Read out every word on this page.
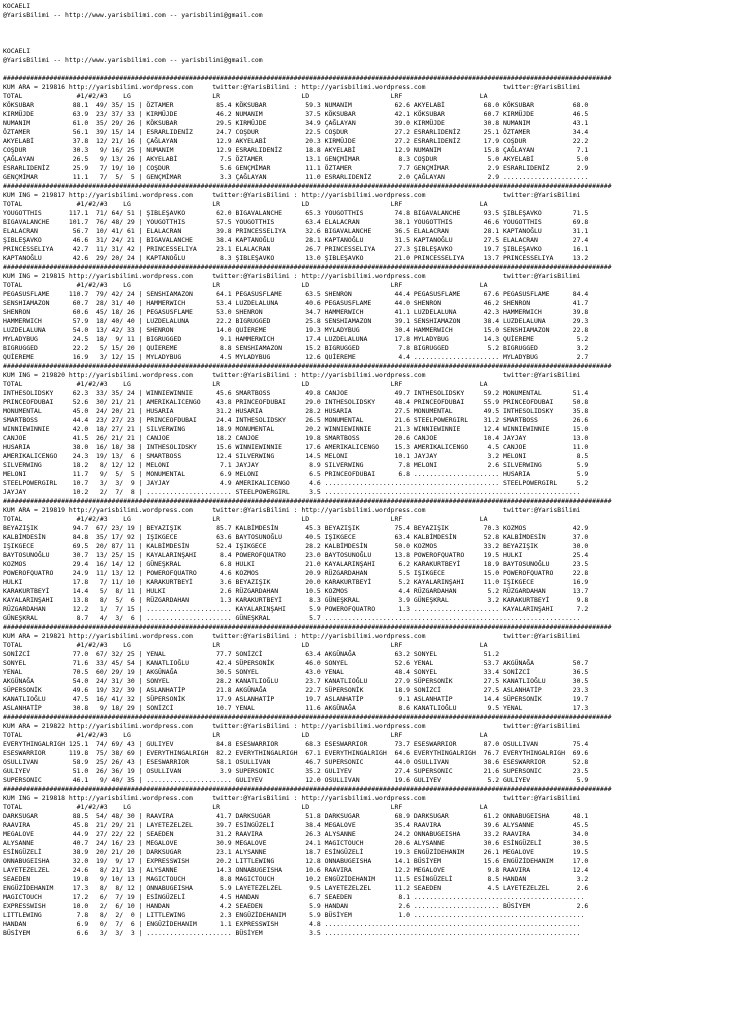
KOCAELI
@YarisBilimi -- http://www.yarisbilimi.com -- yarisbilimi@gmail.com
KOCAELI
@YarisBilimi -- http://www.yarisbilimi.com -- yarisbilimi@gmail.com
#############################################################################################################################################################
KUM ARA = 219816 http://yarisbilimi.wordpress.com     twitter:@YarisBilimi : http://yarisbilimi.wordpress.com                    twitter:@YarisBilimi
TOTAL              #1/#2/#3    LG                     LR                     LD                     LRF                    LA
KÖKSUBAR          88.1  49/ 35/ 15 | ÖZTAMER           85.4 KÖKSUBAR          59.3 NUMANIM           62.6 AKYELABİ          68.0 KÖKSUBAR          68.0
KIRMÜJDE          63.9  23/ 37/ 33 | KIRMÜJDE          46.2 NUMANIM           37.5 KÖKSUBAR          42.1 KÖKSUBAR          60.7 KIRMÜJDE          46.5
NUMANIM           61.0  35/ 29/ 26 | KÖKSUBAR          29.5 KIRMÜJDE          34.9 ÇAĞLAYAN          39.0 KIRMÜJDE          30.8 NUMANIM           43.1
ÖZTAMER           56.1  39/ 15/ 14 | ESRARLIDENİZ      24.7 COŞDUR            22.5 COŞDUR            27.2 ESRARLIDENİZ      25.1 ÖZTAMER           34.4
AKYELABİ          37.8  12/ 21/ 16 | ÇAĞLAYAN          12.9 AKYELABİ          20.3 KIRMÜJDE          27.2 ESRARLIDENİZ      17.9 COŞDUR            22.2
COŞDUR            30.3   9/ 16/ 25 | NUMANIM           12.9 ESRARLIDENİZ      18.8 AKYELABİ          12.9 NUMANIM           15.8 ÇAĞLAYAN           7.1
ÇAĞLAYAN          26.5   9/ 13/ 26 | AKYELABİ           7.5 ÖZTAMER           13.1 GENÇMİMAR          8.3 COŞDUR             5.0 AKYELABİ           5.0
ESRARLIDENİZ      25.9   7/ 19/ 10 | COŞDUR             5.6 GENÇMİMAR         11.1 ÖZTAMER            7.7 GENÇMİMAR          2.9 ESRARLIDENİZ       2.9
GENÇMİMAR         11.1   7/  5/  5 | GENÇMİMAR          3.3 ÇAĞLAYAN          11.0 ESRARLIDENİZ       2.0 ÇAĞLAYAN           2.9 ......................
#############################################################################################################################################################
KUM ING = 219817 http://yarisbilimi.wordpress.com     twitter:@YarisBilimi : http://yarisbilimi.wordpress.com                    twitter:@YarisBilimi
TOTAL              #1/#2/#3    LG                     LR                     LD                     LRF                    LA
YOUGOTTHIS       117.1  71/ 64/ 51 | ŞIBLEŞAVKO        62.0 BIGAVALANCHE      65.3 YOUGOTTHIS        74.8 BIGAVALANCHE      93.5 ŞIBLEŞAVKO        71.5
BIGAVALANCHE     101.7  76/ 48/ 29 | YOUGOTTHIS        57.5 YOUGOTTHIS        63.4 ELALACRAN         38.1 YOUGOTTHIS        46.6 YOUGOTTHIS        69.8
ELALACRAN         56.7  10/ 41/ 61 | ELALACRAN         39.8 PRINCESSELIYA     32.6 BIGAVALANCHE      36.5 ELALACRAN         28.1 KAPTANOĞLU        31.1
ŞIBLEŞAVKO        46.6  31/ 24/ 21 | BIGAVALANCHE      38.4 KAPTANOĞLU        28.1 KAPTANOĞLU        31.5 KAPTANOĞLU        27.5 ELALACRAN         27.4
PRINCESSELIYA     42.7  11/ 31/ 42 | PRINCESSELIYA     23.1 ELALACRAN         26.7 PRINCESSELIYA     27.3 ŞIBLEŞAVKO        19.7 ŞIBLEŞAVKO        16.1
KAPTANOĞLU        42.6  29/ 20/ 24 | KAPTANOĞLU         8.3 ŞIBLEŞAVKO        13.0 ŞIBLEŞAVKO        21.0 PRINCESSELIYA     13.7 PRINCESSELIYA     13.2
#############################################################################################################################################################
KUM ING = 219815 http://yarisbilimi.wordpress.com     twitter:@YarisBilimi : http://yarisbilimi.wordpress.com                    twitter:@YarisBilimi
TOTAL              #1/#2/#3    LG                     LR                     LD                     LRF                    LA
PEGASUSFLAME     110.7  79/ 42/ 24 | SENSHIAMAZON      64.1 PEGASUSFLAME      63.5 SHENRON           44.4 PEGASUSFLAME      67.6 PEGASUSFLAME      84.4
SENSHIAMAZON      60.7  28/ 31/ 40 | HAMMERWICH        53.4 LUZDELALUNA       40.6 PEGASUSFLAME      44.0 SHENRON           46.2 SHENRON           41.7
SHENRON           60.6  45/ 18/ 26 | PEGASUSFLAME      53.0 SHENRON           34.7 HAMMERWICH        41.1 LUZDELALUNA       42.3 HAMMERWICH        39.8
HAMMERWICH        57.9  18/ 40/ 40 | LUZDELALUNA       22.2 BIGRUGGED         25.8 SENSHIAMAZON      39.1 SENSHIAMAZON      38.4 LUZDELALUNA       29.3
LUZDELALUNA       54.0  13/ 42/ 33 | SHENRON           14.0 QUİEREME          19.3 MYLADYBUG         30.4 HAMMERWICH        15.0 SENSHIAMAZON      22.8
MYLADYBUG         24.5  18/  9/ 11 | BIGRUGGED          9.1 HAMMERWICH        17.4 LUZDELALUNA       17.8 MYLADYBUG         14.3 QUİEREME           5.2
BIGRUGGED         22.2   5/ 15/ 20 | QUİEREME           8.8 SENSHIAMAZON      15.2 BIGRUGGED          7.8 BIGRUGGED          5.2 BIGRUGGED          3.2
QUİEREME          16.9   3/ 12/ 15 | MYLADYBUG          4.5 MYLADYBUG         12.6 QUİEREME           4.4 ...................... MYLADYBUG          2.7
#############################################################################################################################################################
KUM ING = 219820 http://yarisbilimi.wordpress.com     twitter:@YarisBilimi : http://yarisbilimi.wordpress.com                    twitter:@YarisBilimi
TOTAL              #1/#2/#3    LG                     LR                     LD                     LRF                    LA
INTHESOLIDSKY     62.3  33/ 35/ 24 | WINNIEWINNIE      45.6 SMARTBOSS         49.8 CANJOE            49.7 INTHESOLIDSKY     59.2 MONUMENTAL        51.4
PRINCEOFDUBAI     52.6  30/ 21/ 21 | AMERIKALICENGO    43.8 PRINCEOFDUBAI     29.0 INTHESOLIDSKY     48.4 PRINCEOFDUBAI     55.9 PRINCEOFDUBAI     50.8
MONUMENTAL        45.0  24/ 20/ 21 | HUSARIA           31.2 HUSARIA           28.2 HUSARIA           27.5 MONUMENTAL        49.5 INTHESOLIDSKY     35.8
SMARTBOSS         44.4  23/ 27/ 23 | PRINCEOFDUBAI     24.4 INTHESOLIDSKY     26.5 MONUMENTAL        21.6 STEELPOWERGIRL    31.2 SMARTBOSS         26.6
WINNIEWINNIE      42.0  18/ 27/ 21 | SILVERWING        18.9 MONUMENTAL        20.2 WINNIEWINNIE      21.3 WINNIEWINNIE      12.4 WINNIEWINNIE      15.0
CANJOE            41.5  26/ 21/ 21 | CANJOE            18.2 CANJOE            19.8 SMARTBOSS         20.6 CANJOE            10.4 JAYJAY            13.0
HUSARIA           38.0  16/ 18/ 38 | INTHESOLIDSKY     15.6 WINNIEWINNIE      17.6 AMERIKALICENGO    15.3 AMERIKALICENGO     4.5 CANJOE            11.0
AMERIKALICENGO    24.3  19/ 13/  6 | SMARTBOSS         12.4 SILVERWING        14.5 MELONI            10.1 JAYJAY             3.2 MELONI             8.5
SILVERWING        18.2   8/ 12/ 12 | MELONI             7.1 JAYJAY             8.9 SILVERWING         7.8 MELONI             2.6 SILVERWING         5.9
MELONI            11.7   9/  5/  5 | MONUMENTAL         6.9 MELONI             6.5 PRINCEOFDUBAI      6.8 ...................... HUSARIA            5.9
STEELPOWERGIRL    10.7   3/  3/  9 | JAYJAY             4.9 AMERIKALICENGO     4.6 ............................................. STEELPOWERGIRL     5.2
JAYJAY            10.2   2/  7/  8 | ...................... STEELPOWERGIRL     3.5 ..................................................................
#############################################################################################################################################################
KUM ARA = 219819 http://yarisbilimi.wordpress.com     twitter:@YarisBilimi : http://yarisbilimi.wordpress.com                    twitter:@YarisBilimi
TOTAL              #1/#2/#3    LG                     LR                     LD                     LRF                    LA
BEYAZIŞIK         94.7  67/ 23/ 19 | BEYAZIŞIK         85.7 KALBİMDESİN       45.3 BEYAZIŞIK         75.4 BEYAZIŞIK         70.3 KOZMOS            42.9
KALBİMDESİN       84.8  35/ 17/ 92 | IŞIKGECE          63.6 BAYTOSUNOĞLU      40.5 IŞIKGECE          63.4 KALBİMDESİN       52.8 KALBİMDESİN       37.0
IŞIKGECE          69.5  20/ 87/ 11 | KALBİMDESİN       52.4 IŞIKGECE          28.2 KALBİMDESİN       50.0 KOZMOS            33.2 BEYAZIŞIK         30.0
BAYTOSUNOĞLU      30.7  13/ 25/ 15 | KAYALARINŞAHI      8.4 POWEROFQUATRO     23.0 BAYTOSUNOĞLU      13.8 POWEROFQUATRO     19.5 HULKI             25.4
KOZMOS            29.4  16/ 14/ 12 | GÜNEŞKRAL          6.8 HULKI             21.0 KAYALARINŞAHI      6.2 KARAKURTBEYİ      18.9 BAYTOSUNOĞLU      23.5
POWEROFQUATRO     24.9  11/ 13/ 12 | POWEROFQUATRO      4.6 KOZMOS            20.9 RÜZGARDAHAN        5.5 IŞIKGECE          15.0 POWEROFQUATRO     22.8
HULKI             17.8   7/ 11/ 10 | KARAKURTBEYİ       3.6 BEYAZIŞIK         20.0 KARAKURTBEYİ       5.2 KAYALARINŞAHI     11.0 IŞIKGECE          16.9
KARAKURTBEYİ      14.4   5/  8/ 11 | HULKI              2.6 RÜZGARDAHAN       10.5 KOZMOS             4.4 RÜZGARDAHAN        5.2 RÜZGARDAHAN       13.7
KAYALARINŞAHI     13.8   8/  5/  6 | RÜZGARDAHAN        1.3 KARAKURTBEYİ       8.3 GÜNEŞKRAL          3.9 GÜNEŞKRAL          3.2 KARAKURTBEYİ       9.8
RÜZGARDAHAN       12.2   1/  7/ 15 | ...................... KAYALARINŞAHI      5.9 POWEROFQUATRO      1.3 ...................... KAYALARINŞAHI      7.2
GÜNEŞKRAL          8.7   4/  3/  6 | ...................... GÜNEŞKRAL          5.7 ..................................................................
#############################################################################################################################################################
KUM ARA = 219821 http://yarisbilimi.wordpress.com     twitter:@YarisBilimi : http://yarisbilimi.wordpress.com                    twitter:@YarisBilimi
TOTAL              #1/#2/#3    LG                     LR                     LD                     LRF                    LA
SONİZCİ           77.0  67/ 32/ 25 | YENAL             77.7 SONİZCİ           63.4 AKGÜNAĞA          63.2 SONYEL            51.2
SONYEL            71.6  33/ 45/ 54 | KANATLIOĞLU       42.4 SÜPERSONİK        46.0 SONYEL            52.6 YENAL             53.7 AKGÜNAĞA          50.7
YENAL             70.5  60/ 29/ 19 | AKGÜNAĞA          30.5 SONYEL            43.0 YENAL             48.4 SONYEL            33.4 SONİZCİ           36.5
AKGÜNAĞA          54.0  24/ 31/ 30 | SONYEL            28.2 KANATLIOĞLU       23.7 KANATLIOĞLU       27.9 SÜPERSONİK        27.5 KANATLIOĞLU       30.5
SÜPERSONİK        49.6  19/ 32/ 39 | ASLANHATİP        21.8 AKGÜNAĞA          22.7 SÜPERSONİK        18.9 SONİZCİ           27.5 ASLANHATİP        23.3
KANATLIOĞLU       47.5  16/ 41/ 32 | SÜPERSONİK        17.9 ASLANHATİP        19.7 ASLANHATİP         9.1 ASLANHATİP        14.4 SÜPERSONİK        19.7
ASLANHATİP        30.8   9/ 18/ 29 | SONİZCİ           10.7 YENAL             11.6 AKGÜNAĞA           8.6 KANATLIOĞLU        9.5 YENAL             17.3
#############################################################################################################################################################
KUM ARA = 219822 http://yarisbilimi.wordpress.com     twitter:@YarisBilimi : http://yarisbilimi.wordpress.com                    twitter:@YarisBilimi
TOTAL              #1/#2/#3    LG                     LR                     LD                     LRF                    LA
EVERYTHINGALRIGH 125.1  74/ 69/ 43 | GULIYEV           84.8 ESESWARRIOR       68.3 ESESWARRIOR       73.7 ESESWARRIOR       87.0 OSULLIVAN         75.4
ESESWARRIOR      119.8  75/ 38/ 69 | EVERYTHINGALRIGH  82.2 EVERYTHINGALRIGH  67.1 EVERYTHINGALRIGH  64.6 EVERYTHINGALRIGH  76.7 EVERYTHINGALRIGH  69.6
OSULLIVAN         58.9  25/ 26/ 43 | ESESWARRIOR       58.1 OSULLIVAN         46.7 SUPERSONIC        44.0 OSULLIVAN         38.6 ESESWARRIOR       52.8
GULIYEV           51.0  26/ 36/ 19 | OSULLIVAN          3.9 SUPERSONIC        35.2 GULIYEV           27.4 SUPERSONIC        21.6 SUPERSONIC        23.5
SUPERSONIC        46.1   9/ 40/ 35 | ...................... GULIYEV           12.0 OSULLIVAN         19.6 GULIYEV            5.2 GULIYEV            5.9
#############################################################################################################################################################
KUM ING = 219818 http://yarisbilimi.wordpress.com     twitter:@YarisBilimi : http://yarisbilimi.wordpress.com                    twitter:@YarisBilimi
TOTAL              #1/#2/#3    LG                     LR                     LD                     LRF                    LA
DARKSUGAR         88.5  54/ 48/ 30 | RAAVIRA           41.7 DARKSUGAR         51.8 DARKSUGAR         68.9 DARKSUGAR         61.2 ONNABUGEISHA      48.1
RAAVIRA           45.8  21/ 29/ 21 | LAYETEZELZEL      39.7 ESİNGÜZELİ        38.4 MEGALOVE          35.4 RAAVIRA           39.6 ALYSANNE          45.5
MEGALOVE          44.9  27/ 22/ 22 | SEAEDEN           31.2 RAAVIRA           26.3 ALYSANNE          24.2 ONNABUGEISHA      33.2 RAAVIRA           34.0
ALYSANNE          40.7  24/ 16/ 23 | MEGALOVE          30.9 MEGALOVE          24.1 MAGICTOUCH        20.6 ALYSANNE          30.6 ESİNGÜZELİ        30.5
ESİNGÜZELİ        38.9  20/ 21/ 20 | DARKSUGAR         23.1 ALYSANNE          18.7 ESİNGÜZELİ        19.3 ENGÜZİDEHANIM     26.1 MEGALOVE          19.5
ONNABUGEISHA      32.0  19/  9/ 17 | EXPRESSWISH       20.2 LITTLEWING        12.8 ONNABUGEISHA      14.1 BÜSİYEM           15.6 ENGÜZİDEHANIM     17.0
LAYETEZELZEL      24.6   8/ 21/ 13 | ALYSANNE          14.3 ONNABUGEISHA      10.6 RAAVIRA           12.2 MEGALOVE           9.8 RAAVIRA           12.4
SEAEDEN           19.8   9/ 10/ 13 | MAGICTOUCH         8.8 MAGICTOUCH        10.2 ENGÜZİDEHANIM     11.5 ESİNGÜZELİ         8.5 HANDAN             3.2
ENGÜZİDEHANIM     17.3   8/  8/ 12 | ONNABUGEISHA       5.9 LAYETEZELZEL       9.5 LAYETEZELZEL      11.2 SEAEDEN            4.5 LAYETEZELZEL       2.6
MAGICTOUCH        17.2   6/  7/ 19 | ESİNGÜZELİ         4.5 HANDAN             6.7 SEAEDEN            8.1 ............................................
EXPRESSWISH       10.0   2/  6/ 10 | HANDAN             4.2 SEAEDEN            5.9 HANDAN             2.6 ...................... BÜSİYEM            2.6
LITTLEWING         7.8   8/  2/  0 | LITTLEWING         2.3 ENGÜZİDEHANIM      5.9 BÜSİYEM            1.0 ............................................
HANDAN             6.9   0/  7/  6 | ENGÜZİDEHANIM      1.1 EXPRESSWISH        4.8 ..................................................................
BÜSİYEM            6.6   3/  3/  3 | ...................... BÜSİYEM            3.5 ..................................................................
